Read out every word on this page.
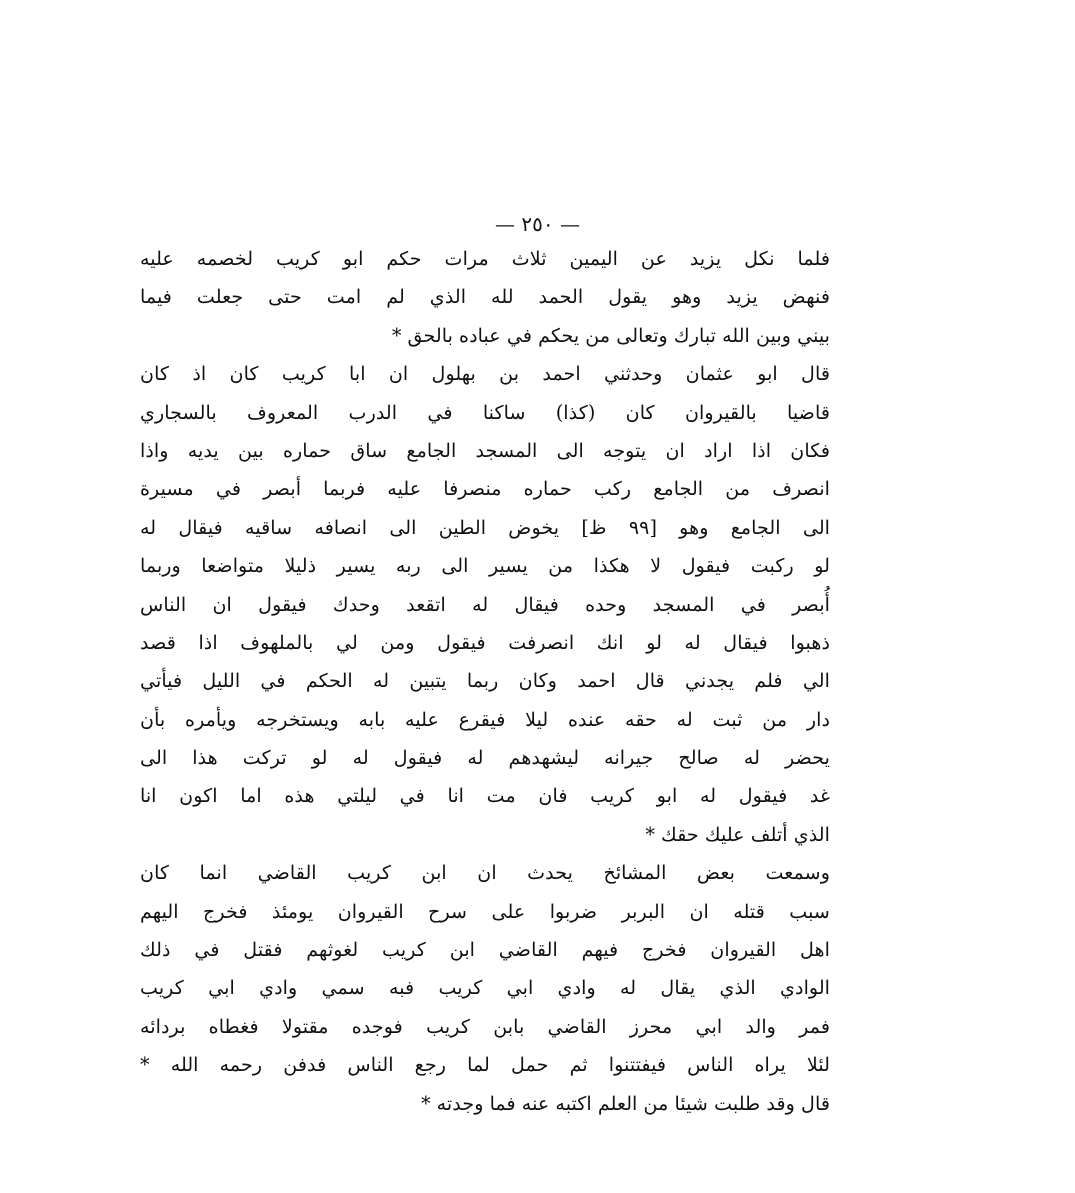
— ٢٥٠ —
فلما نكل يزيد عن اليمين ثلاث مرات حكم ابو كريب لخصمه عليه
فنهض يزيد وهو يقول الحمد لله الذي لم امت حتى جعلت فيما
بيني وبين الله تبارك وتعالى من يحكم في عباده بالحق *
قال ابو عثمان وحدثني احمد بن بهلول ان ابا كريب كان اذ كان
قاضيا بالقيروان كان (كذا) ساكنا في الدرب المعروف بالسجاري
فكان اذا اراد ان يتوجه الى المسجد الجامع ساق حماره بين يديه واذا
انصرف من الجامع ركب حماره منصرفا عليه فربما أبصر في مسيرة
الى الجامع وهو [٩٩ ظ] يخوض الطين الى انصافه ساقيه فيقال له
لو ركبت فيقول لا هكذا من يسير الى ربه يسير ذليلا متواضعا وربما
أُبصر في المسجد وحده فيقال له اتقعد وحدك فيقول ان الناس
ذهبوا فيقال له لو انك انصرفت فيقول ومن لي بالملهوف اذا قصد
الي فلم يجدني قال احمد وكان ربما يتبين له الحكم في الليل فيأتي
دار من ثبت له حقه عنده ليلا فيقرع عليه بابه ويستخرجه ويأمره بأن
يحضر له صالح جيرانه ليشهدهم له فيقول له لو تركت هذا الى
غد فيقول له ابو كريب فان مت انا في ليلتي هذه اما اكون انا
الذي أتلف عليك حقك *
وسمعت بعض المشائخ يحدث ان ابن كريب القاضي انما كان
سبب قتله ان البربر ضربوا على سرح القيروان يومئذ فخرج اليهم
اهل القيروان فخرج فيهم القاضي ابن كريب لغوثهم فقتل في ذلك
الوادي الذي يقال له وادي ابي كريب فبه سمي وادي ابي كريب
فمر والد ابي محرز القاضي بابن كريب فوجده مقتولا فغطاه بردائه
لئلا يراه الناس فيفتتنوا ثم حمل لما رجع الناس فدفن رحمه الله *
قال وقد طلبت شيئا من العلم اكتبه عنه فما وجدته *
